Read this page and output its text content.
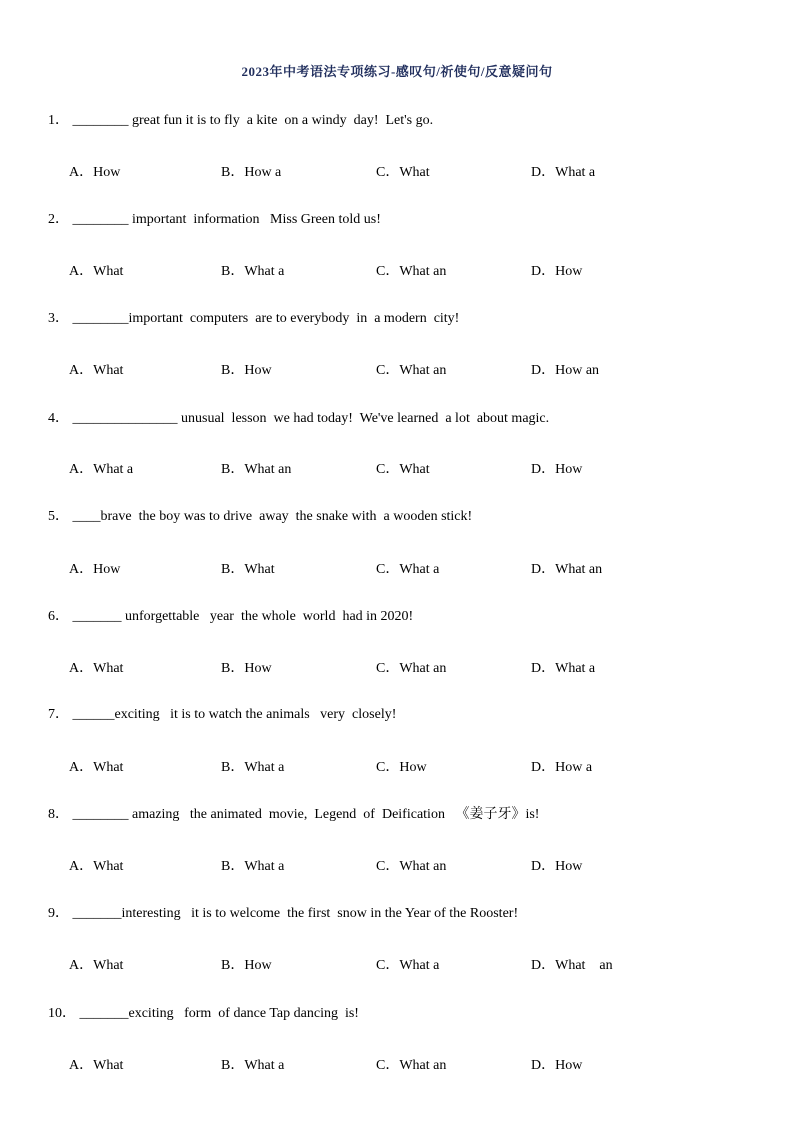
2023年中考语法专项练习-感叹句/祈使句/反意疑问句
1． ________ great fun it is to fly  a kite  on a windy  day!  Let's go.
A．How	B．How a	C．What	D．What a
2． ________ important  information   Miss Green told us!
A．What	B．What a	C．What an	D．How
3． ________important  computers  are to everybody  in  a modern  city!
A．What	B．How	C．What an	D．How an
4． _______________ unusual  lesson  we had today!  We've learned  a lot  about magic.
A．What a	B．What an	C．What	D．How
5． ____brave  the boy was to drive  away  the snake with  a wooden stick!
A．How	B．What	C．What a	D．What an
6． _______ unforgettable   year  the whole  world  had in 2020!
A．What	B．How	C．What an	D．What a
7． ______exciting   it is to watch the animals   very  closely!
A．What	B．What a	C．How	D．How a
8． ________ amazing   the animated  movie,  Legend  of  Deification   《姜子牙》is!
A．What	B．What a	C．What an	D．How
9． _______interesting   it is to welcome  the first  snow in the Year of the Rooster!
A．What	B．How	C．What a	D．What    an
10． _______exciting   form  of dance Tap dancing  is!
A．What	B．What a	C．What an	D．How
